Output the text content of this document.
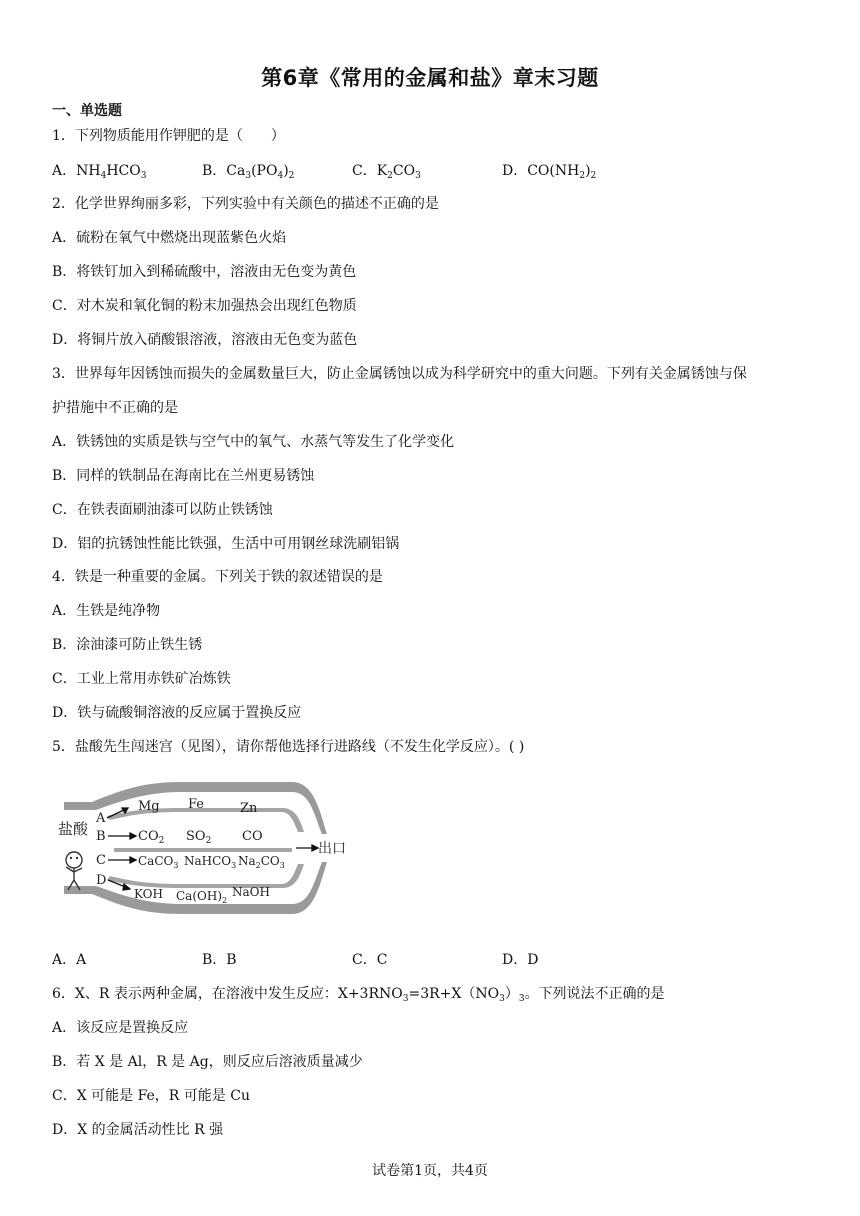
第6章《常用的金属和盐》章末习题
一、单选题
1．下列物质能用作钾肥的是（　　）
A．$NH_4HCO_3$	B．$Ca_3(PO_4)_2$	C．$K_2CO_3$	D．$CO(NH_2)_2$
2．化学世界绚丽多彩，下列实验中有关颜色的描述不正确的是
A．硫粉在氧气中燃烧出现蓝紫色火焰
B．将铁钉加入到稀硫酸中，溶液由无色变为黄色
C．对木炭和氧化铜的粉末加强热会出现红色物质
D．将铜片放入硝酸银溶液，溶液由无色变为蓝色
3．世界每年因锈蚀而损失的金属数量巨大，防止金属锈蚀以成为科学研究中的重大问题。下列有关金属锈蚀与保
护措施中不正确的是
A．铁锈蚀的实质是铁与空气中的氧气、水蒸气等发生了化学变化
B．同样的铁制品在海南比在兰州更易锈蚀
C．在铁表面刷油漆可以防止铁锈蚀
D．铝的抗锈蚀性能比铁强，生活中可用钢丝球洗刷铝锅
4．铁是一种重要的金属。下列关于铁的叙述错误的是
A．生铁是纯净物
B．涂油漆可防止铁生锈
C．工业上常用赤铁矿冶炼铁
D．铁与硫酸铜溶液的反应属于置换反应
5．盐酸先生闯迷宫（见图），请你帮他选择行进路线（不发生化学反应）。( )
盐酸
A
B
C
D
Mg Fe	Zn
$CO_2$ $SO_2$ CO
CaCO$_3$ NaHCO$_3$ $Na_2CO_3$
KOH $Ca(OH)_2$
NaOH
出口
A．A	B．B	C．C	D．D
6．X、R 表示两种金属，在溶液中发生反应：$X+3RNO_3=3R+X(NO_3)_3$。下列说法不正确的是
A．该反应是置换反应
B．若 X 是 Al，R 是 Ag，则反应后溶液质量减少
C．X 可能是 Fe，R 可能是 Cu
D．X 的金属活动性比 R 强
试卷第1页，共4页
